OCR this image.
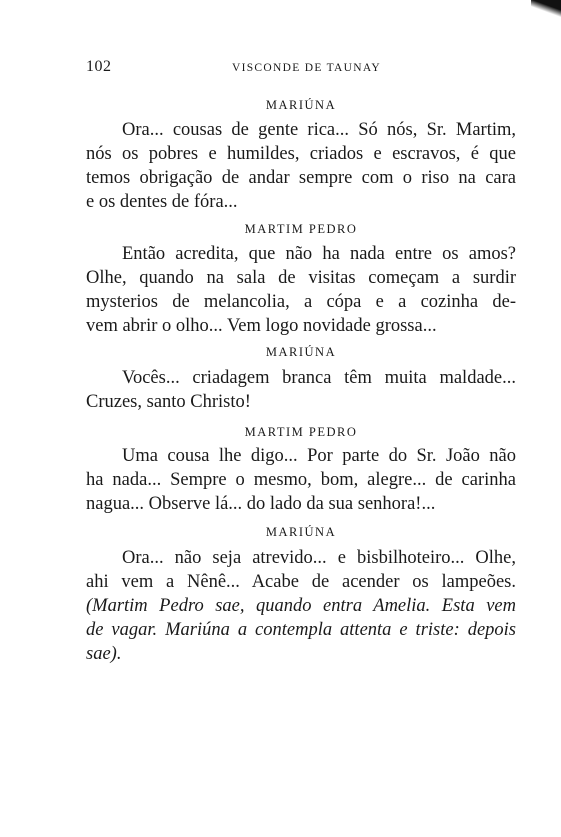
102	VISCONDE DE TAUNAY
MARIÚNA
Ora... cousas de gente rica... Só nós, Sr. Martim,
nós os pobres e humildes, criados e escravos, é que
temos obrigação de andar sempre com o riso na cara
e os dentes de fóra...
MARTIM PEDRO
Então acredita, que não ha nada entre os amos?
Olhe, quando na sala de visitas começam a surdir
mysterios de melancolia, a cópa e a cozinha de-
vem abrir o olho... Vem logo novidade grossa...
MARIÚNA
Vocês... criadagem branca têm muita maldade...
Cruzes, santo Christo!
MARTIM PEDRO
Uma cousa lhe digo... Por parte do Sr. João não
ha nada... Sempre o mesmo, bom, alegre... de carinha
nagua... Observe lá... do lado da sua senhora!...
MARIÚNA
Ora... não seja atrevido... e bisbilhoteiro... Olhe,
ahi vem a Nênê... Acabe de acender os lampeões.
(Martim Pedro sae, quando entra Amelia. Esta vem
de vagar. Mariúna a contempla attenta e triste: depois
sae).
